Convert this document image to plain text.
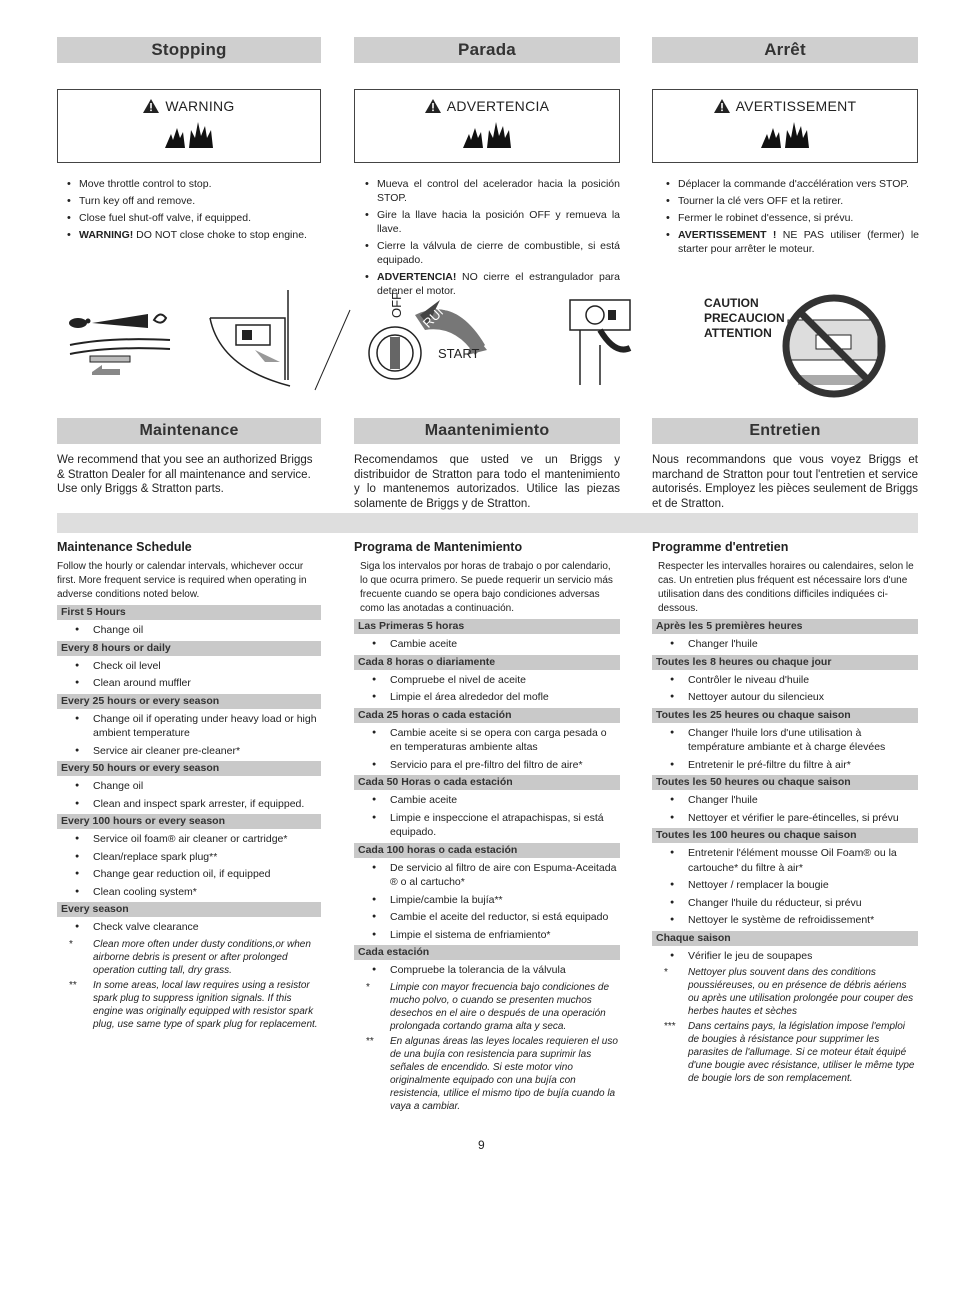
Stopping	Parada	Arrêt
WARNING	ADVERTENCIA	AVERTISSEMENT
• Move throttle control to stop.
• Turn key off and remove.
• Close fuel shut-off valve, if equipped.
• WARNING! DO NOT close choke to stop engine.
• Mueva el control del acelerador hacia la posición STOP.
• Gire la llave hacia la posición OFF y remueva la llave.
• Cierre la válvula de cierre de combustible, si está equipado.
• ADVERTENCIA! NO cierre el estrangulador para detener el motor.
• Déplacer la commande d'accélération vers STOP.
• Tourner la clé vers OFF et la retirer.
• Fermer le robinet d'essence, si prévu.
• AVERTISSEMENT ! NE PAS utiliser (fermer) le starter pour arrêter le moteur.
OFF RUN
START
CAUTION
PRECAUCION
ATTENTION
Maintenance	Maantenimiento	Entretien

We recommend that you see an authorized Briggs & Stratton Dealer for all maintenance and service. Use only Briggs & Stratton parts.

Recomendamos que usted ve un Briggs y distribuidor de Stratton para todo el mantenimiento y lo mantenemos autorizados. Utilice las piezas solamente de Briggs y de Stratton.

Nous recommandons que vous voyez Briggs et marchand de Stratton pour tout l'entretien et service autorisés. Employez les pièces seulement de Briggs et de Stratton.

Maintenance Schedule

Follow the hourly or calendar intervals, whichever occur first. More frequent service is required when operating in adverse conditions noted below.

First 5 Hours
● Change oil
Every 8 hours or daily
● Check oil level
● Clean around muffler
Every 25 hours or every season
● Change oil if operating under heavy load or high ambient temperature
● Service air cleaner pre-cleaner*
Every 50 hours or every season
● Change oil
● Clean and inspect spark arrester, if equipped.
Every 100 hours or every season
● Service oil foam® air cleaner or cartridge*
● Clean/replace spark plug**
● Change gear reduction oil, if equipped
● Clean cooling system*
Every season
● Check valve clearance
* Clean more often under dusty conditions,or when airborne debris is present or after prolonged operation cutting tall, dry grass.
** In some areas, local law requires using a resistor spark plug to suppress ignition signals. If this engine was originally equipped with resistor spark plug, use same type of spark plug for replacement.
Programa de Mantenimiento

Siga los intervalos por horas de trabajo o por calendario, lo que ocurra primero. Se puede requerir un servicio más frecuente cuando se opera bajo condiciones adversas como las anotadas a continuación.

Las Primeras 5 horas
● Cambie aceite
Cada 8 horas o diariamente
● Compruebe el nivel de aceite
● Limpie el área alrededor del mofle
Cada 25 horas o cada estación
● Cambie aceite si se opera con carga pesada o en temperaturas ambiente altas
● Servicio para el pre-filtro del filtro de aire*
Cada 50 Horas o cada estación
● Cambie aceite
● Limpie e inspeccione el atrapachispas, si está equipado.
Cada 100 horas o cada estación
● De servicio al filtro de aire con Espuma-Aceitada ® o al cartucho*
● Limpie/cambie la bujía**
● Cambie el aceite del reductor, si está equipado
● Limpie el sistema de enfriamiento*
Cada estación
● Compruebe la tolerancia de la válvula
* Limpie con mayor frecuencia bajo condiciones de mucho polvo, o cuando se presenten muchos desechos en el aire o después de una operación prolongada cortando grama alta y seca.
** En algunas áreas las leyes locales requieren el uso de una bujía con resistencia para suprimir las señales de encendido. Si este motor vino originalmente equipado con una bujía con resistencia, utilice el mismo tipo de bujía cuando la vaya a cambiar.
Programme d'entretien

Respecter les intervalles horaires ou calendaires, selon le cas. Un entretien plus fréquent est nécessaire lors d'une utilisation dans des conditions difficiles indiquées ci-dessous.

Après les 5 premières heures
● Changer l'huile
Toutes les 8 heures ou chaque jour
● Contrôler le niveau d'huile
● Nettoyer autour du silencieux
Toutes les 25 heures ou chaque saison
● Changer l'huile lors d'une utilisation à température ambiante et à charge élevées
● Entretenir le pré-filtre du filtre à air*
Toutes les 50 heures ou chaque saison
● Changer l'huile
● Nettoyer et vérifier le pare-étincelles, si prévu
Toutes les 100 heures ou chaque saison
● Entretenir l'élément mousse Oil Foam® ou la cartouche* du filtre à air*
● Nettoyer / remplacer la bougie
● Changer l'huile du réducteur, si prévu
● Nettoyer le système de refroidissement*
Chaque saison
● Vérifier le jeu de soupapes
* Nettoyer plus souvent dans des conditions poussiéreuses, ou en présence de débris aériens ou après une utilisation prolongée pour couper des herbes hautes et sèches
*** Dans certains pays, la législation impose l'emploi de bougies à résistance pour supprimer les parasites de l'allumage. Si ce moteur était équipé d'une bougie avec résistance, utiliser le même type de bougie lors de son remplacement.
9
